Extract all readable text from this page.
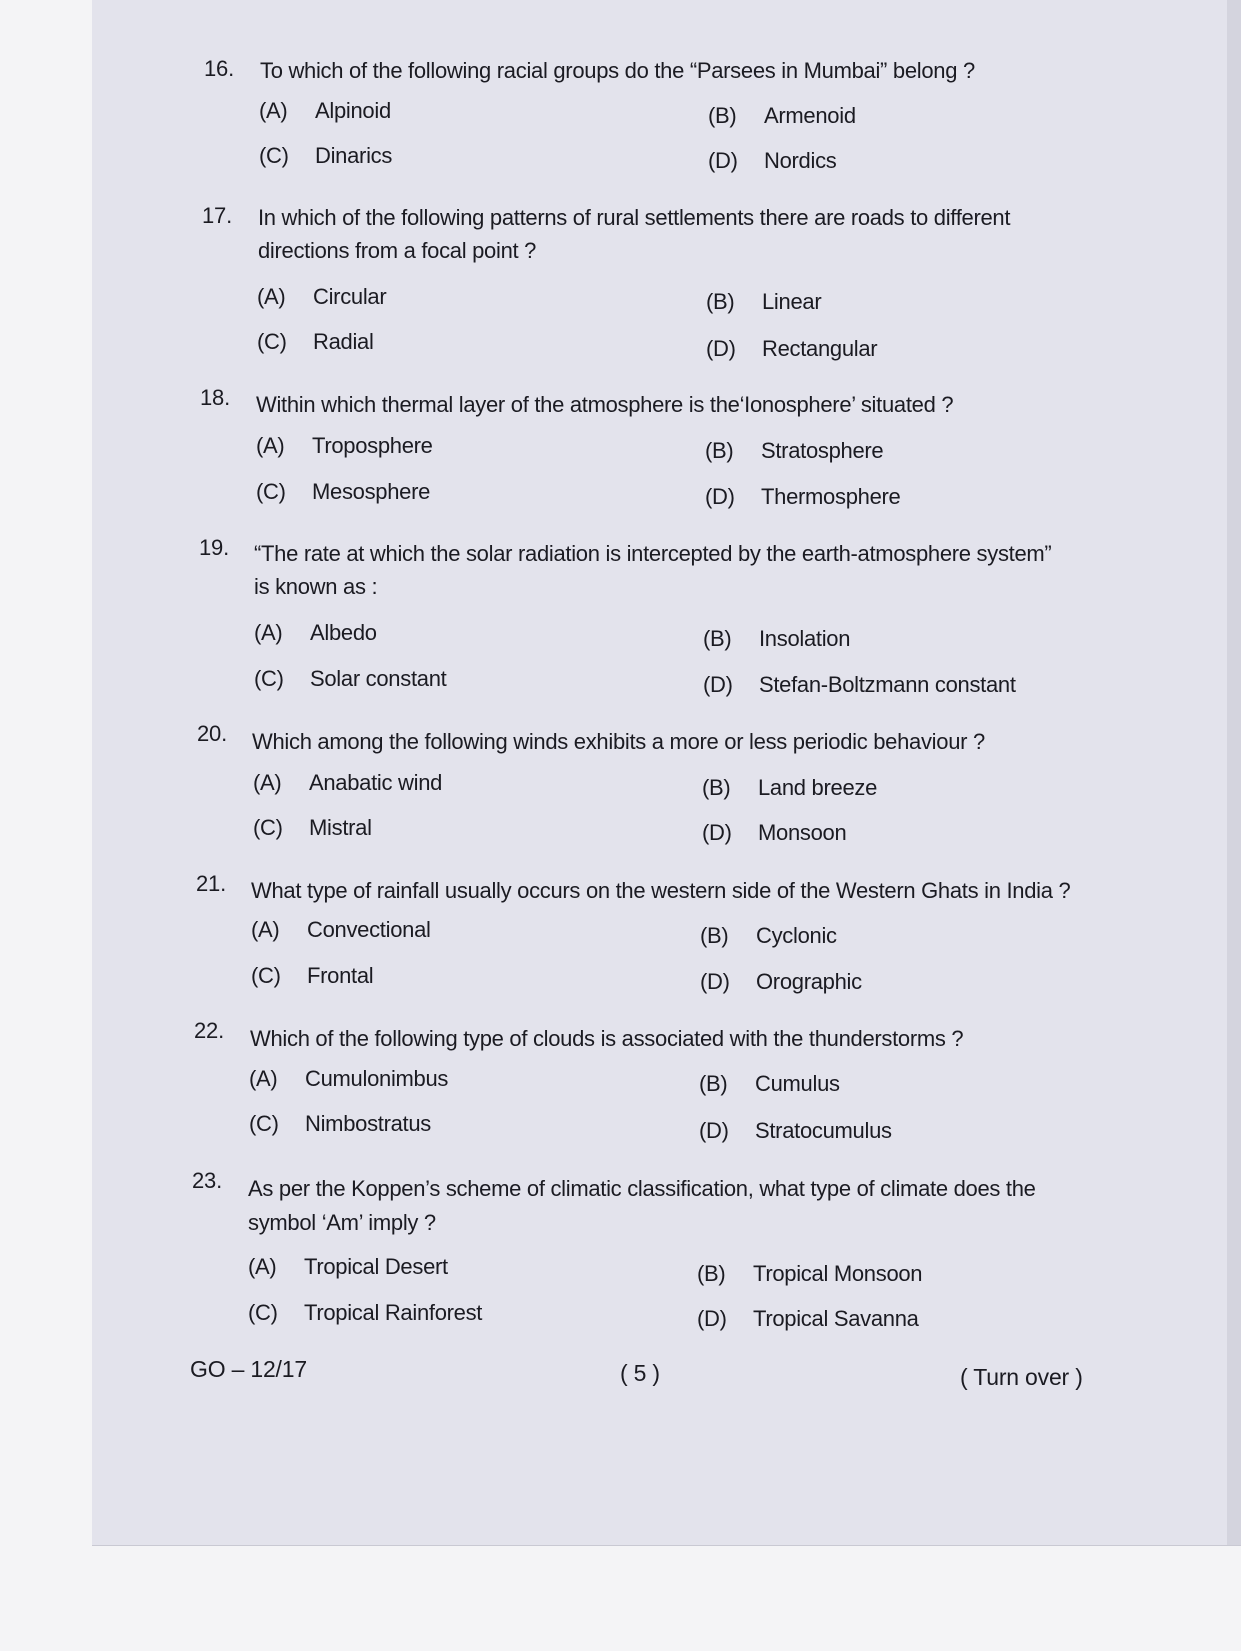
16. To which of the following racial groups do the “Parsees in Mumbai” belong ?
(A) Alpinoid	(B) Armenoid
(C) Dinarics	(D) Nordics
17. In which of the following patterns of rural settlements there are roads to different
directions from a focal point ?
(A) Circular	(B) Linear
(C) Radial	(D) Rectangular
18. Within which thermal layer of the atmosphere is the‘Ionosphere’ situated ?
(A) Troposphere	(B) Stratosphere
(C) Mesosphere	(D) Thermosphere
19. “The rate at which the solar radiation is intercepted by the earth-atmosphere system”
is known as :
(A) Albedo	(B) Insolation
(C) Solar constant	(D) Stefan-Boltzmann constant
20. Which among the following winds exhibits a more or less periodic behaviour ?
(A) Anabatic wind	(B) Land breeze
(C) Mistral	(D) Monsoon
21. What type of rainfall usually occurs on the western side of the Western Ghats in India ?
(A) Convectional	(B) Cyclonic
(C) Frontal	(D) Orographic
22. Which of the following type of clouds is associated with the thunderstorms ?
(A) Cumulonimbus	(B) Cumulus
(C) Nimbostratus	(D) Stratocumulus
23. As per the Koppen’s scheme of climatic classification, what type of climate does the
symbol ‘Am’ imply ?
(A) Tropical Desert	(B) Tropical Monsoon
(C) Tropical Rainforest	(D) Tropical Savanna
GO – 12/17	( 5 )	( Turn over )
